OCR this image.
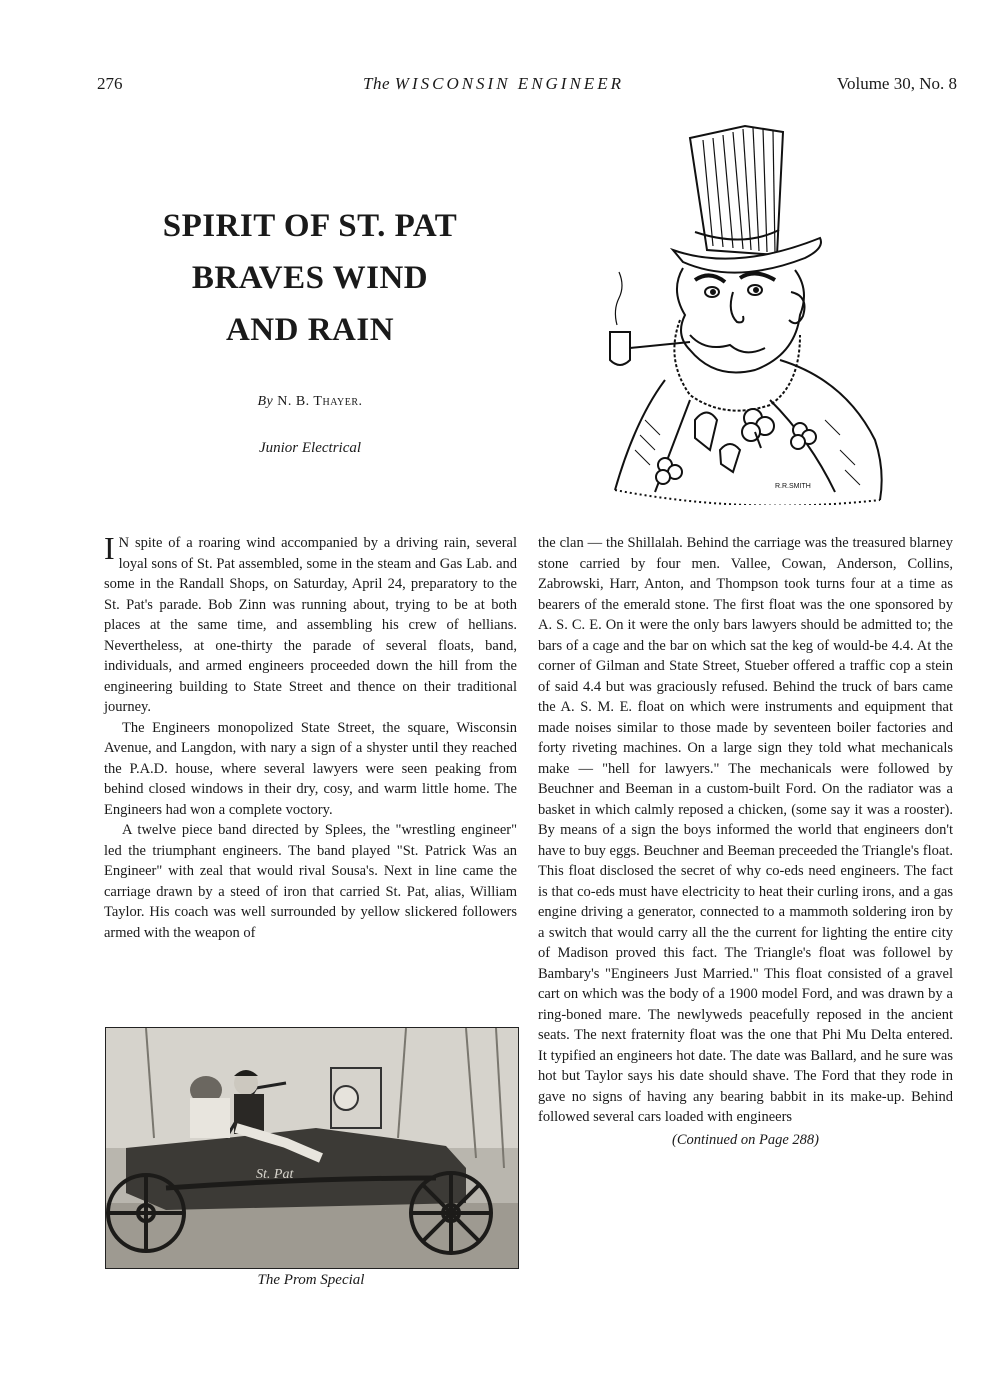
276	The WISCONSIN ENGINEER	Volume 30, No. 8
SPIRIT OF ST. PAT
BRAVES WIND
AND RAIN
By N. B. Thayer.
Junior Electrical
R.R.SMITH

I N spite of a roaring wind accompanied by a driving rain, several loyal sons of St. Pat assembled, some in the steam and Gas Lab. and some in the Randall Shops, on Saturday, April 24, preparatory to the St. Pat's parade. Bob Zinn was running about, trying to be at both places at the same time, and assembling his crew of hellians. Nevertheless, at one-thirty the parade of several floats, band, individuals, and armed engineers proceeded down the hill from the engineering building to State Street and thence on their traditional journey.

The Engineers monopolized State Street, the square, Wisconsin Avenue, and Langdon, with nary a sign of a shyster until they reached the P.A.D. house, where several lawyers were seen peaking from behind closed windows in their dry, cosy, and warm little home. The Engineers had won a complete voctory.

A twelve piece band directed by Splees, the "wrestling engineer" led the triumphant engineers. The band played "St. Patrick Was an Engineer" with zeal that would rival Sousa's. Next in line came the carriage drawn by a steed of iron that carried St. Pat, alias, William Taylor. His coach was well surrounded by yellow slickered followers armed with the weapon of

the clan — the Shillalah. Behind the carriage was the treasured blarney stone carried by four men. Vallee, Cowan, Anderson, Collins, Zabrowski, Harr, Anton, and Thompson took turns four at a time as bearers of the emerald stone. The first float was the one sponsored by A. S. C. E. On it were the only bars lawyers should be admitted to; the bars of a cage and the bar on which sat the keg of would-be 4.4. At the corner of Gilman and State Street, Stueber offered a traffic cop a stein of said 4.4 but was graciously refused. Behind the truck of bars came the A. S. M. E. float on which were instruments and equipment that made noises similar to those made by seventeen boiler factories and forty riveting machines. On a large sign they told what mechanicals make — "hell for lawyers." The mechanicals were followed by Beuchner and Beeman in a custom-built Ford. On the radiator was a basket in which calmly reposed a chicken, (some say it was a rooster). By means of a sign the boys informed the world that engineers don't have to buy eggs. Beuchner and Beeman preceeded the Triangle's float. This float disclosed the secret of why co-eds need engineers. The fact is that co-eds must have electricity to heat their curling irons, and a gas engine driving a generator, connected to a mammoth soldering iron by a switch that would carry all the the current for lighting the entire city of Madison proved this fact. The Triangle's float was followel by Bambary's "Engineers Just Married." This float consisted of a gravel cart on which was the body of a 1900 model Ford, and was drawn by a ring-boned mare. The newlyweds peacefully reposed in the ancient seats. The next fraternity float was the one that Phi Mu Delta entered. It typified an engineers hot date. The date was Ballard, and he sure was hot but Taylor says his date should shave. The Ford that they rode in gave no signs of having any bearing babbit in its make-up. Behind followed several cars loaded with engineers

(Continued on Page 288)
St. Pat
The Prom Special
